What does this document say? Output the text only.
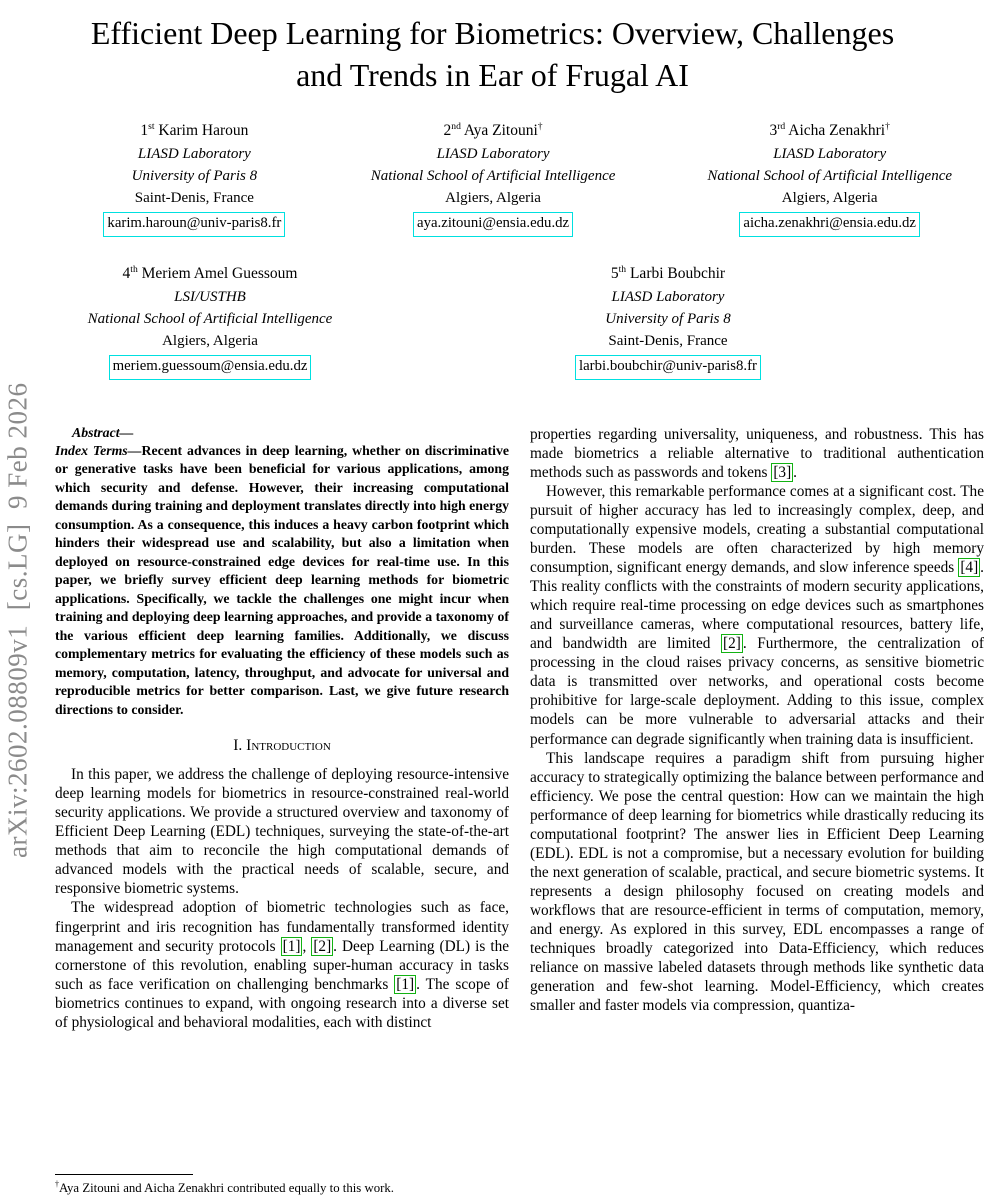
arXiv:2602.08809v1  [cs.LG]  9 Feb 2026
Efficient Deep Learning for Biometrics: Overview, Challenges and Trends in Ear of Frugal AI
1st Karim Haroun
LIASD Laboratory
University of Paris 8
Saint-Denis, France
karim.haroun@univ-paris8.fr
2nd Aya Zitouni†
LIASD Laboratory
National School of Artificial Intelligence
Algiers, Algeria
aya.zitouni@ensia.edu.dz
3rd Aicha Zenakhri†
LIASD Laboratory
National School of Artificial Intelligence
Algiers, Algeria
aicha.zenakhri@ensia.edu.dz
4th Meriem Amel Guessoum
LSI/USTHB
National School of Artificial Intelligence
Algiers, Algeria
meriem.guessoum@ensia.edu.dz
5th Larbi Boubchir
LIASD Laboratory
University of Paris 8
Saint-Denis, France
larbi.boubchir@univ-paris8.fr

Abstract—

Index Terms—Recent advances in deep learning, whether on discriminative or generative tasks have been beneficial for various applications, among which security and defense. However, their increasing computational demands during training and deployment translates directly into high energy consumption. As a consequence, this induces a heavy carbon footprint which hinders their widespread use and scalability, but also a limitation when deployed on resource-constrained edge devices for real-time use. In this paper, we briefly survey efficient deep learning methods for biometric applications. Specifically, we tackle the challenges one might incur when training and deploying deep learning approaches, and provide a taxonomy of the various efficient deep learning families. Additionally, we discuss complementary metrics for evaluating the efficiency of these models such as memory, computation, latency, throughput, and advocate for universal and reproducible metrics for better comparison. Last, we give future research directions to consider.

I. Introduction

In this paper, we address the challenge of deploying resource-intensive deep learning models for biometrics in resource-constrained real-world security applications. We provide a structured overview and taxonomy of Efficient Deep Learning (EDL) techniques, surveying the state-of-the-art methods that aim to reconcile the high computational demands of advanced models with the practical needs of scalable, secure, and responsive biometric systems.

The widespread adoption of biometric technologies such as face, fingerprint and iris recognition has fundamentally transformed identity management and security protocols [1] , [2] . Deep Learning (DL) is the cornerstone of this revolution, enabling super-human accuracy in tasks such as face verification on challenging benchmarks [1] . The scope of biometrics continues to expand, with ongoing research into a diverse set of physiological and behavioral modalities, each with distinct

properties regarding universality, uniqueness, and robustness. This has made biometrics a reliable alternative to traditional authentication methods such as passwords and tokens [3] .

However, this remarkable performance comes at a significant cost. The pursuit of higher accuracy has led to increasingly complex, deep, and computationally expensive models, creating a substantial computational burden. These models are often characterized by high memory consumption, significant energy demands, and slow inference speeds [4] . This reality conflicts with the constraints of modern security applications, which require real-time processing on edge devices such as smartphones and surveillance cameras, where computational resources, battery life, and bandwidth are limited [2] . Furthermore, the centralization of processing in the cloud raises privacy concerns, as sensitive biometric data is transmitted over networks, and operational costs become prohibitive for large-scale deployment. Adding to this issue, complex models can be more vulnerable to adversarial attacks and their performance can degrade significantly when training data is insufficient.

This landscape requires a paradigm shift from pursuing higher accuracy to strategically optimizing the balance between performance and efficiency. We pose the central question: How can we maintain the high performance of deep learning for biometrics while drastically reducing its computational footprint? The answer lies in Efficient Deep Learning (EDL). EDL is not a compromise, but a necessary evolution for building the next generation of scalable, practical, and secure biometric systems. It represents a design philosophy focused on creating models and workflows that are resource-efficient in terms of computation, memory, and energy. As explored in this survey, EDL encompasses a range of techniques broadly categorized into Data-Efficiency, which reduces reliance on massive labeled datasets through methods like synthetic data generation and few-shot learning. Model-Efficiency, which creates smaller and faster models via compression, quantiza-

†Aya Zitouni and Aicha Zenakhri contributed equally to this work.
